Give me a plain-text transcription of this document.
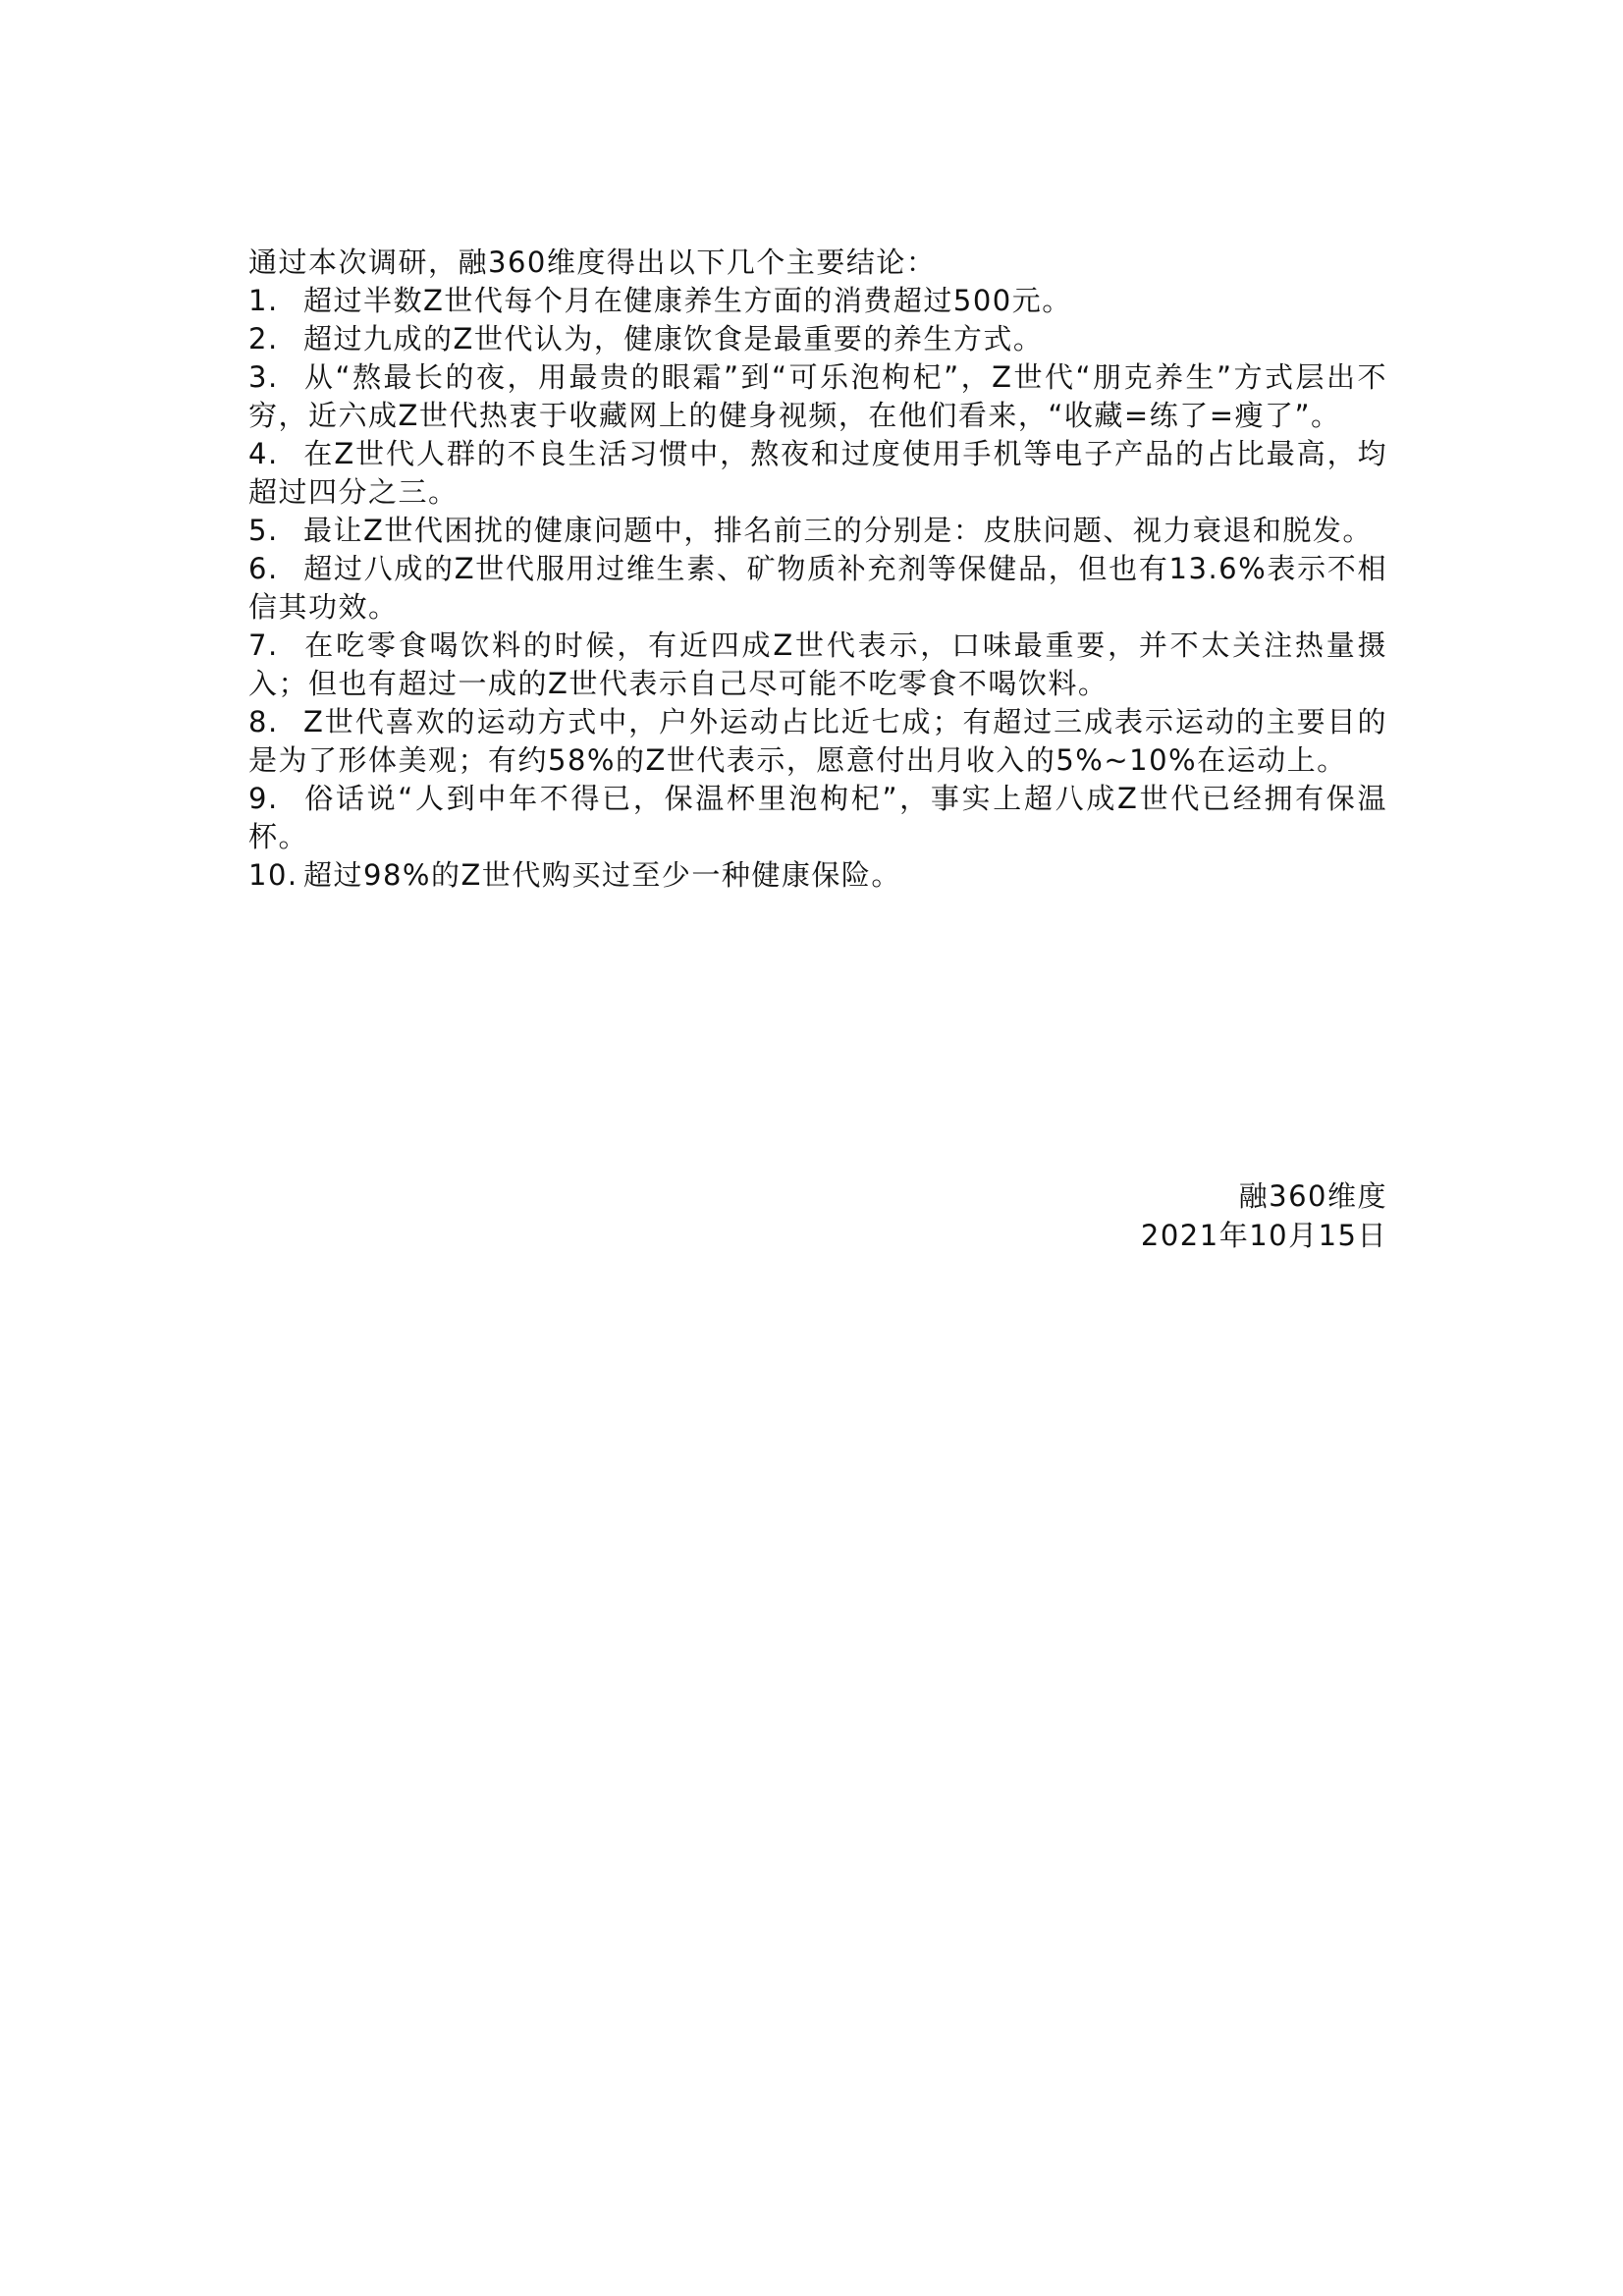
通过本次调研，融360维度得出以下几个主要结论：

1. 超过半数Z世代每个月在健康养生方面的消费超过500元。

2. 超过九成的Z世代认为，健康饮食是最重要的养生方式。

3. 从“熬最长的夜，用最贵的眼霜”到“可乐泡枸杞”，Z世代“朋克养生”方式层出不穷，近六成Z世代热衷于收藏网上的健身视频，在他们看来，“收藏=练了=瘦了”。

4. 在Z世代人群的不良生活习惯中，熬夜和过度使用手机等电子产品的占比最高，均超过四分之三。

5. 最让Z世代困扰的健康问题中，排名前三的分别是：皮肤问题、视力衰退和脱发。

6. 超过八成的Z世代服用过维生素、矿物质补充剂等保健品，但也有13.6%表示不相信其功效。

7. 在吃零食喝饮料的时候，有近四成Z世代表示，口味最重要，并不太关注热量摄入；但也有超过一成的Z世代表示自己尽可能不吃零食不喝饮料。

8. Z世代喜欢的运动方式中，户外运动占比近七成；有超过三成表示运动的主要目的是为了形体美观；有约58%的Z世代表示，愿意付出月收入的5%~10%在运动上。

9. 俗话说“人到中年不得已，保温杯里泡枸杞”，事实上超八成Z世代已经拥有保温杯。

10. 超过98%的Z世代购买过至少一种健康保险。

融360维度
2021年10月15日
